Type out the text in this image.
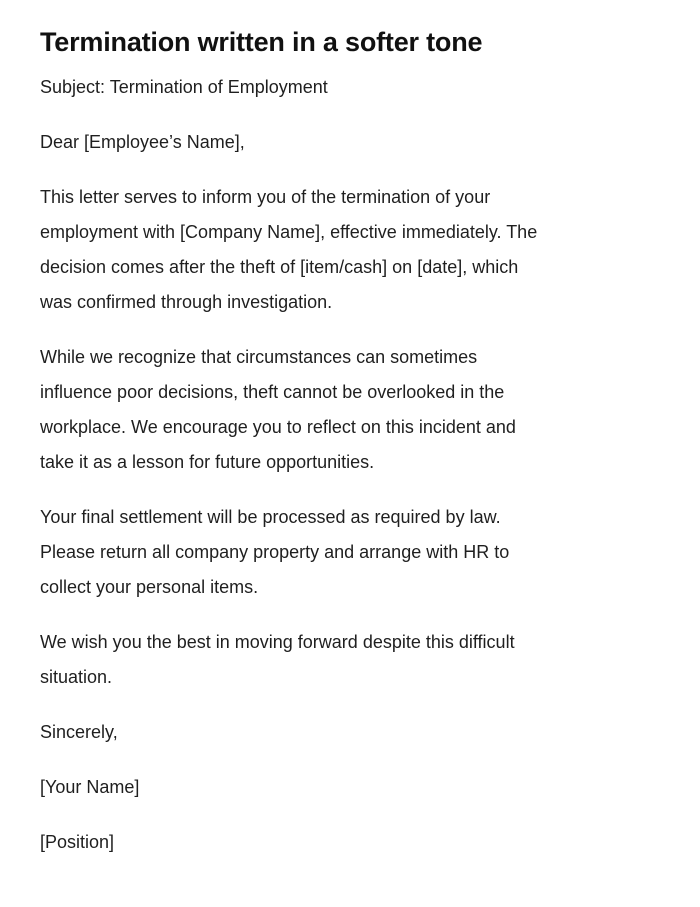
Termination written in a softer tone

Subject: Termination of Employment

Dear [Employee’s Name],

This letter serves to inform you of the termination of your
employment with [Company Name], effective immediately. The
decision comes after the theft of [item/cash] on [date], which
was confirmed through investigation.

While we recognize that circumstances can sometimes
influence poor decisions, theft cannot be overlooked in the
workplace. We encourage you to reflect on this incident and
take it as a lesson for future opportunities.

Your final settlement will be processed as required by law.
Please return all company property and arrange with HR to
collect your personal items.

We wish you the best in moving forward despite this difficult
situation.

Sincerely,

[Your Name]

[Position]
